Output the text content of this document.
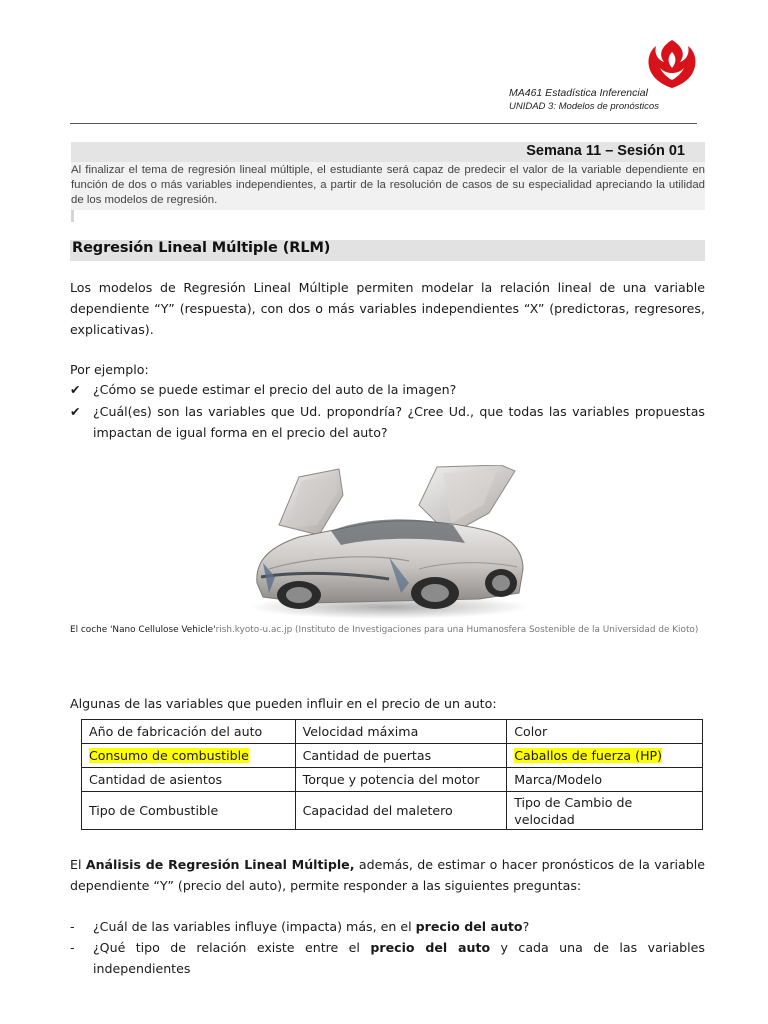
MA461 Estadística Inferencial
UNIDAD 3: Modelos de pronósticos
Semana 11 – Sesión 01
Al finalizar el tema de regresión lineal múltiple, el estudiante será capaz de predecir el valor de la variable dependiente en función de dos o más variables independientes, a partir de la resolución de casos de su especialidad apreciando la utilidad de los modelos de regresión.
Regresión Lineal Múltiple (RLM)

Los modelos de Regresión Lineal Múltiple permiten modelar la relación lineal de una variable dependiente “Y” (respuesta), con dos o más variables independientes “X” (predictoras, regresores, explicativas).

Por ejemplo:
✔ ¿Cómo se puede estimar el precio del auto de la imagen?
✔ ¿Cuál(es) son las variables que Ud. propondría? ¿Cree Ud., que todas las variables propuestas impactan de igual forma en el precio del auto?
El coche 'Nano Cellulose Vehicle'rish.kyoto-u.ac.jp (Instituto de Investigaciones para una Humanosfera Sostenible de la Universidad de Kioto)
Algunas de las variables que pueden influir en el precio de un auto:
Año de fabricación del auto	Velocidad máxima	Color
Consumo de combustible	Cantidad de puertas	Caballos de fuerza (HP)
Cantidad de asientos	Torque y potencia del motor	Marca/Modelo
Tipo de Combustible	Capacidad del maletero	Tipo de Cambio de velocidad

El Análisis de Regresión Lineal Múltiple, además, de estimar o hacer pronósticos de la variable dependiente “Y” (precio del auto), permite responder a las siguientes preguntas:

- ¿Cuál de las variables influye (impacta) más, en el precio del auto?
- ¿Qué tipo de relación existe entre el precio del auto y cada una de las variables independientes
